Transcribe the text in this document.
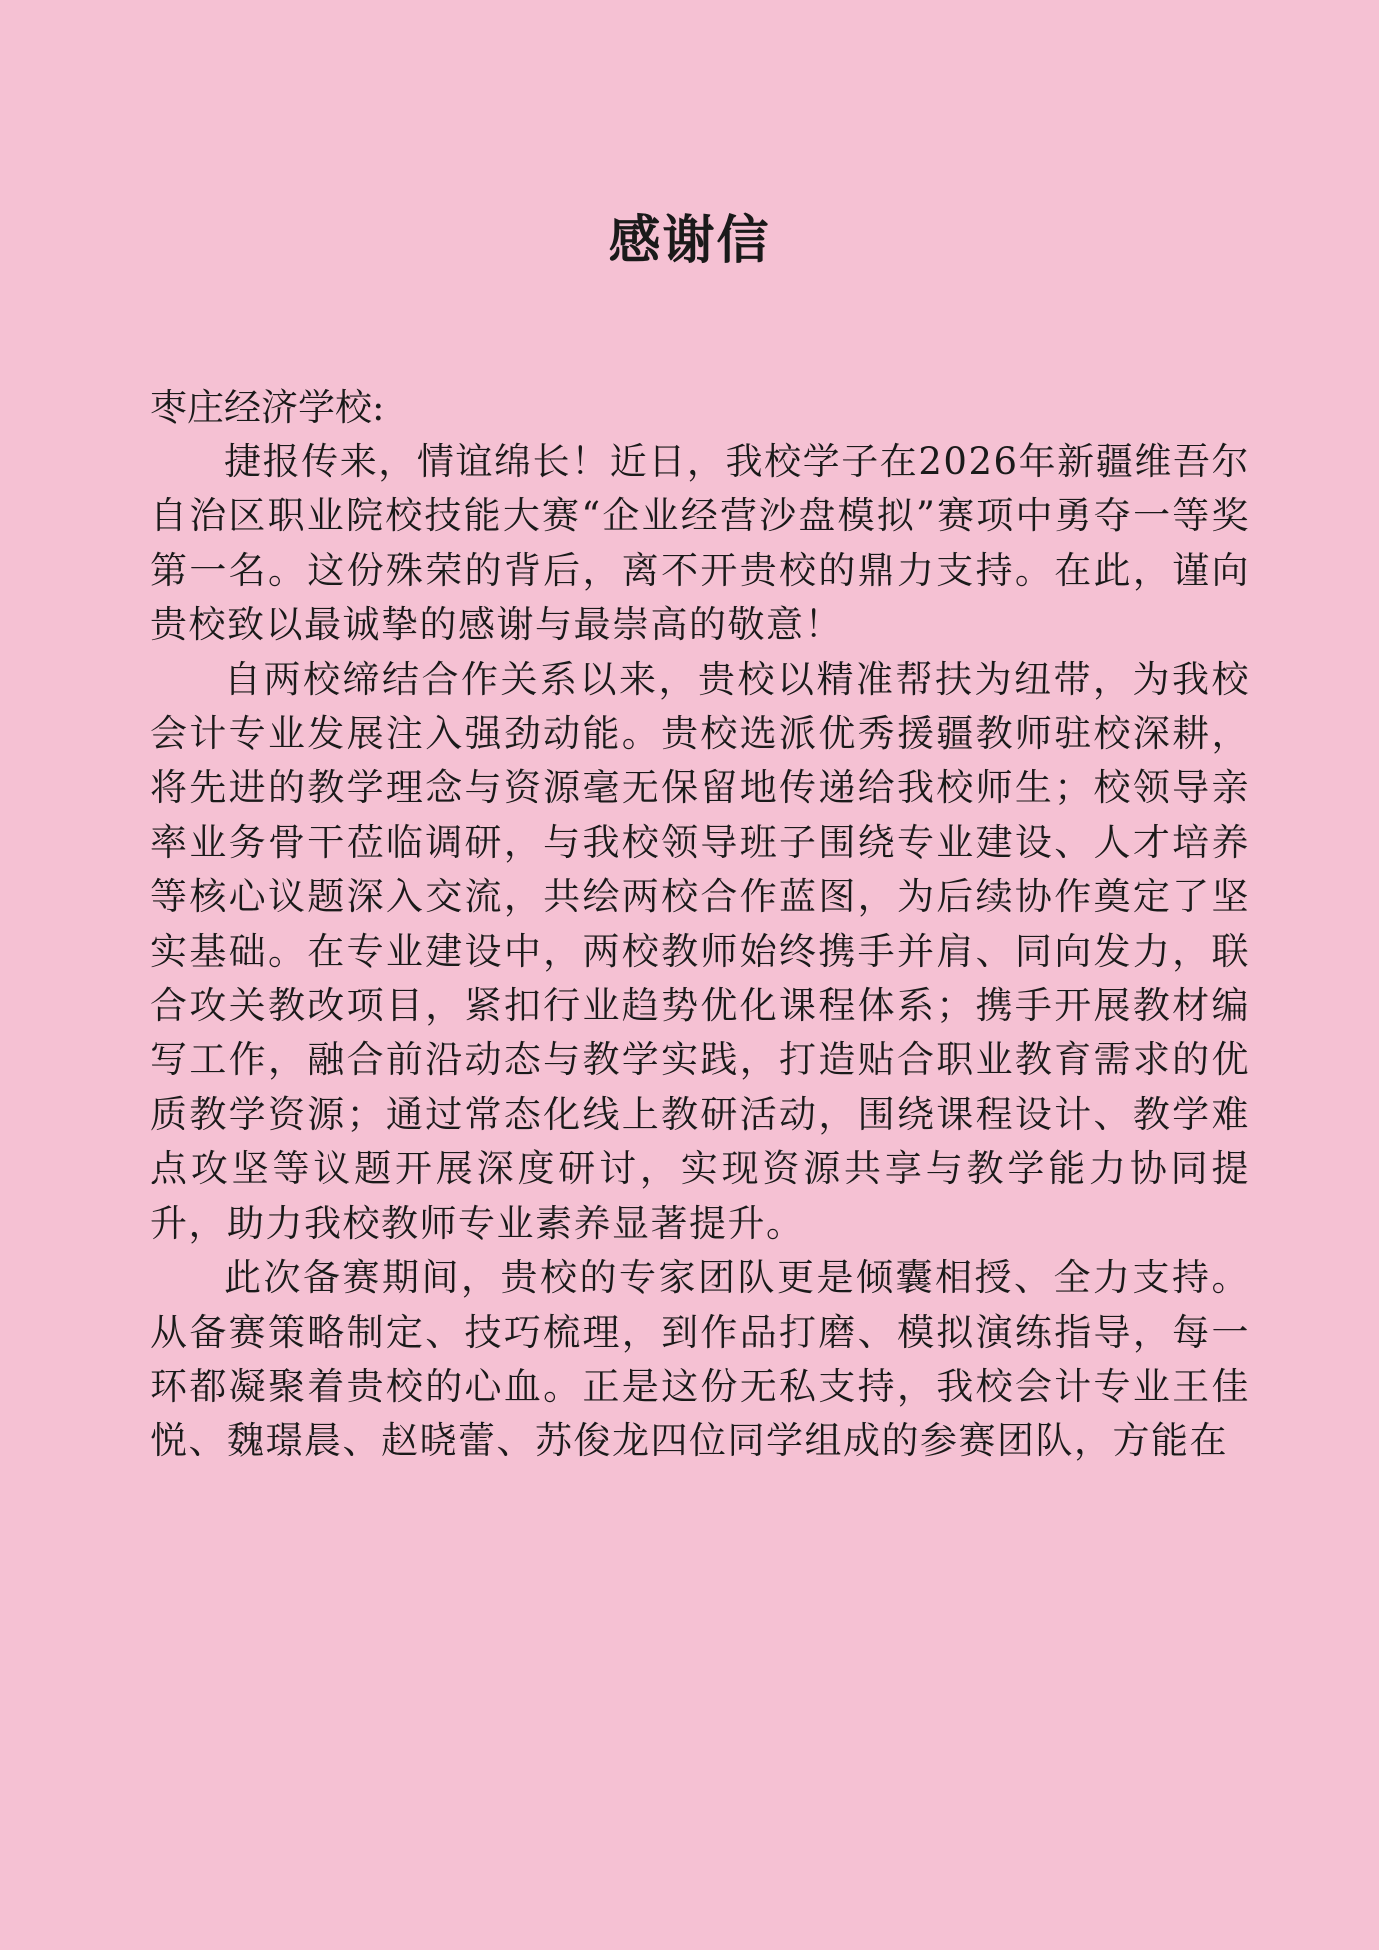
感谢信
枣庄经济学校:

捷报传来，情谊绵长！近日，我校学子在2026年新疆维吾尔自治区职业院校技能大赛“企业经营沙盘模拟”赛项中勇夺一等奖第一名。这份殊荣的背后，离不开贵校的鼎力支持。在此，谨向贵校致以最诚挚的感谢与最崇高的敬意！

自两校缔结合作关系以来，贵校以精准帮扶为纽带，为我校会计专业发展注入强劲动能。贵校选派优秀援疆教师驻校深耕，将先进的教学理念与资源毫无保留地传递给我校师生；校领导亲率业务骨干莅临调研，与我校领导班子围绕专业建设、人才培养等核心议题深入交流，共绘两校合作蓝图，为后续协作奠定了坚实基础。在专业建设中，两校教师始终携手并肩、同向发力，联合攻关教改项目，紧扣行业趋势优化课程体系；携手开展教材编写工作，融合前沿动态与教学实践，打造贴合职业教育需求的优质教学资源；通过常态化线上教研活动，围绕课程设计、教学难点攻坚等议题开展深度研讨，实现资源共享与教学能力协同提升，助力我校教师专业素养显著提升。

此次备赛期间，贵校的专家团队更是倾囊相授、全力支持。从备赛策略制定、技巧梳理，到作品打磨、模拟演练指导，每一环都凝聚着贵校的心血。正是这份无私支持，我校会计专业王佳悦、魏璟晨、赵晓蕾、苏俊龙四位同学组成的参赛团队，方能在
